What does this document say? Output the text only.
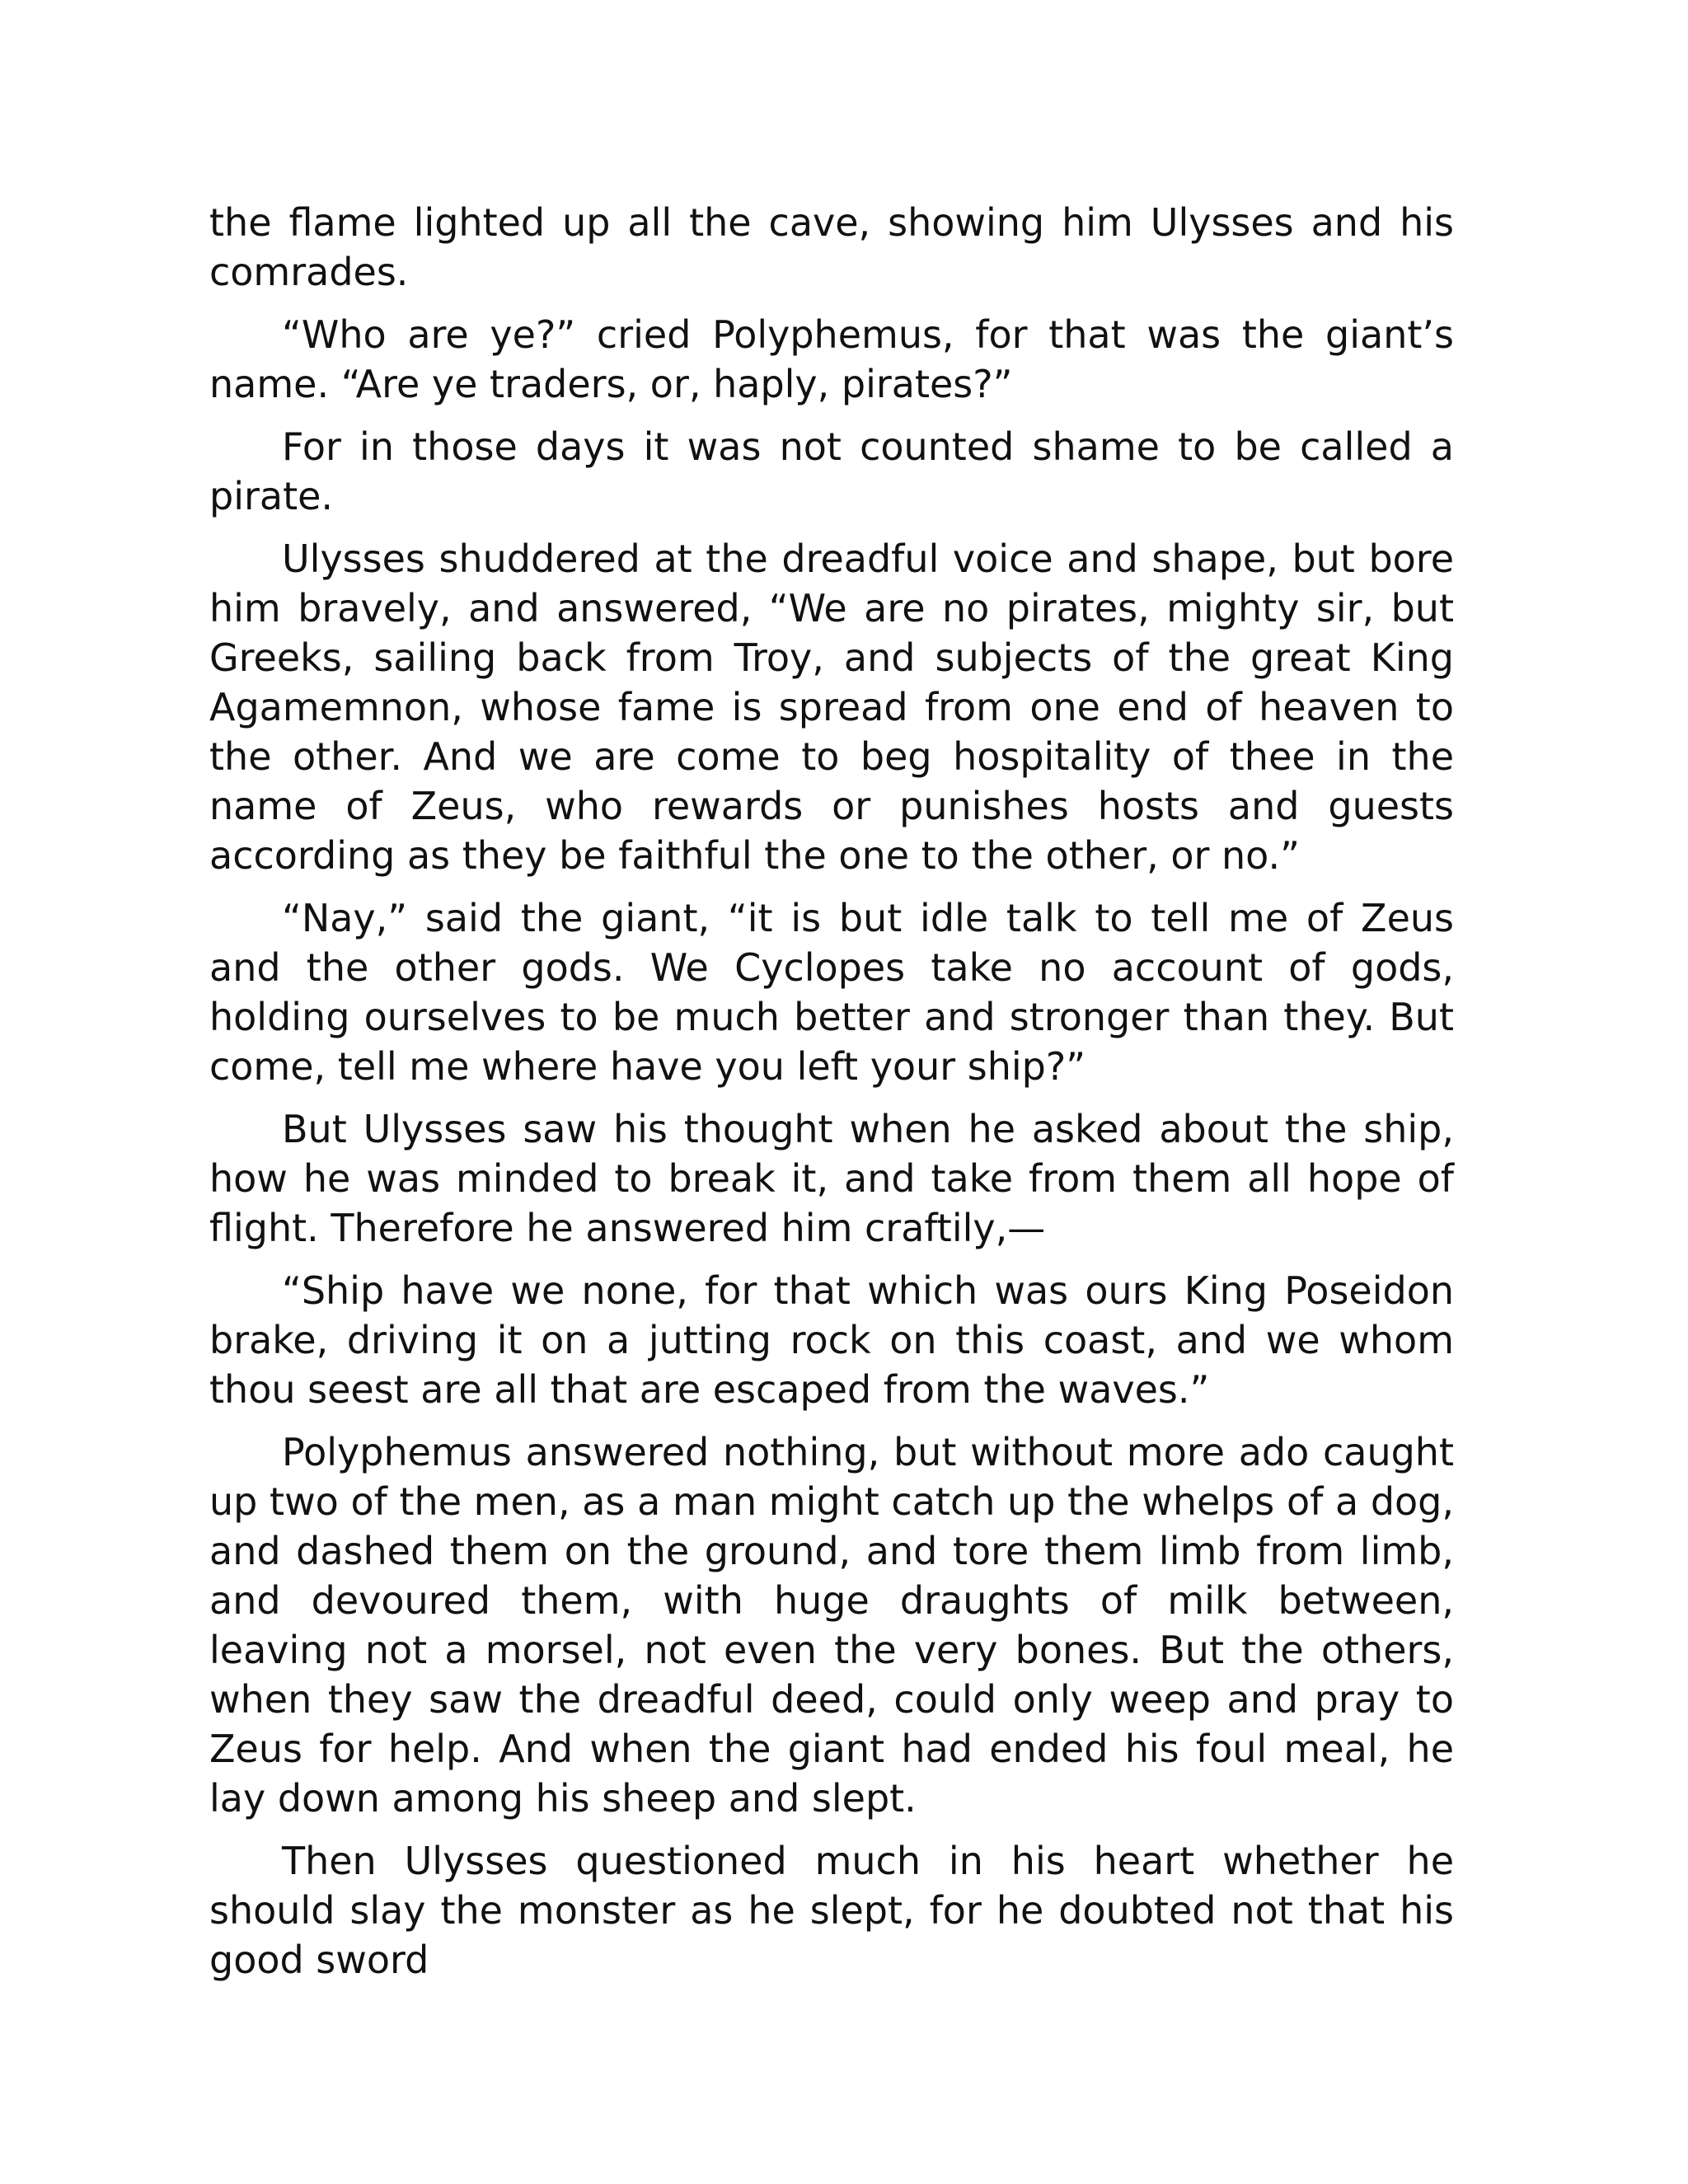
the flame lighted up all the cave, showing him Ulysses and his comrades.

“Who are ye?” cried Polyphemus, for that was the giant’s name. “Are ye traders, or, haply, pirates?”

For in those days it was not counted shame to be called a pirate.

Ulysses shuddered at the dreadful voice and shape, but bore him bravely, and answered, “We are no pirates, mighty sir, but Greeks, sailing back from Troy, and subjects of the great King Agamemnon, whose fame is spread from one end of heaven to the other. And we are come to beg hospitality of thee in the name of Zeus, who rewards or punishes hosts and guests according as they be faithful the one to the other, or no.”

“Nay,” said the giant, “it is but idle talk to tell me of Zeus and the other gods. We Cyclopes take no account of gods, holding ourselves to be much better and stronger than they. But come, tell me where have you left your ship?”

But Ulysses saw his thought when he asked about the ship, how he was minded to break it, and take from them all hope of flight. Therefore he answered him craftily,—

“Ship have we none, for that which was ours King Poseidon brake, driving it on a jutting rock on this coast, and we whom thou seest are all that are escaped from the waves.”

Polyphemus answered nothing, but without more ado caught up two of the men, as a man might catch up the whelps of a dog, and dashed them on the ground, and tore them limb from limb, and devoured them, with huge draughts of milk between, leaving not a morsel, not even the very bones. But the others, when they saw the dreadful deed, could only weep and pray to Zeus for help. And when the giant had ended his foul meal, he lay down among his sheep and slept.

Then Ulysses questioned much in his heart whether he should slay the monster as he slept, for he doubted not that his good sword
